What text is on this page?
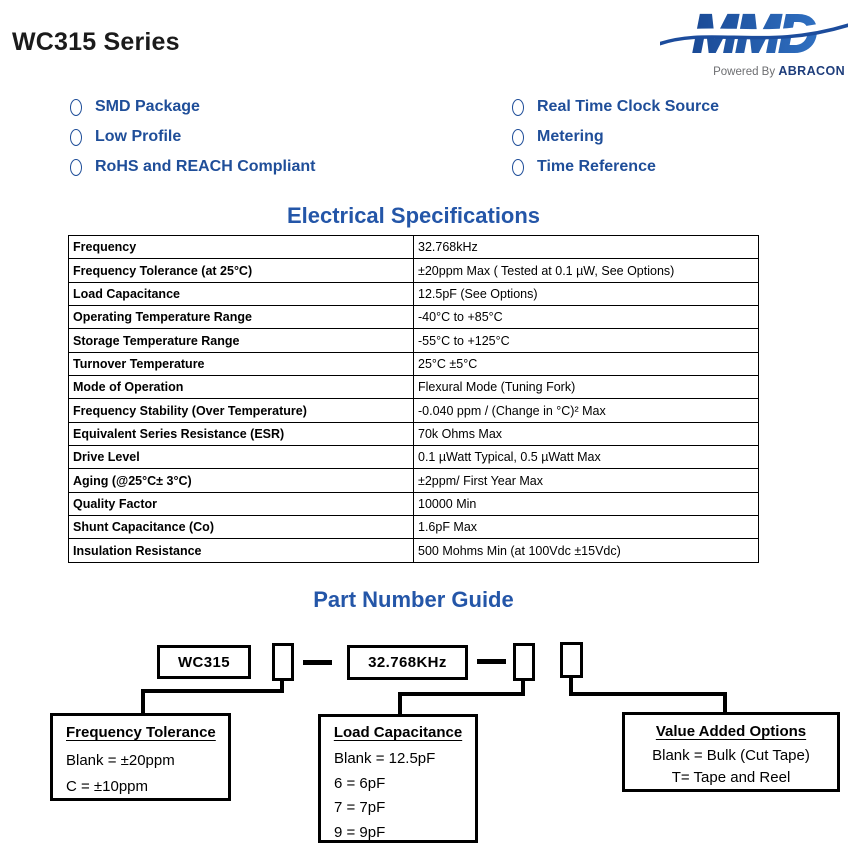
WC315 Series	MMD
Powered By ABRACON
SMD Package
Low Profile
RoHS and REACH Compliant
Real Time Clock Source
Metering
Time Reference
Electrical Specifications
Frequency	32.768kHz
Frequency Tolerance (at 25°C)	±20ppm Max ( Tested at 0.1 µW, See Options)
Load Capacitance	12.5pF (See Options)
Operating Temperature Range	-40°C to +85°C
Storage Temperature Range	-55°C to +125°C
Turnover Temperature	25°C ±5°C
Mode of Operation	Flexural Mode (Tuning Fork)
Frequency Stability (Over Temperature)	-0.040 ppm / (Change in °C)² Max
Equivalent Series Resistance (ESR)	70k Ohms Max
Drive Level	0.1 µWatt Typical, 0.5 µWatt Max
Aging (@25°C± 3°C)	±2ppm/ First Year Max
Quality Factor	10000 Min
Shunt Capacitance (Co)	1.6pF Max
Insulation Resistance	500 Mohms Min (at 100Vdc ±15Vdc)
Part Number Guide
WC315	32.768KHz
Frequency Tolerance
Blank = ±20ppm
C = ±10ppm
Load Capacitance
Blank = 12.5pF
6 = 6pF
7 = 7pF
9 = 9pF
Value Added Options
Blank = Bulk (Cut Tape)
T= Tape and Reel
